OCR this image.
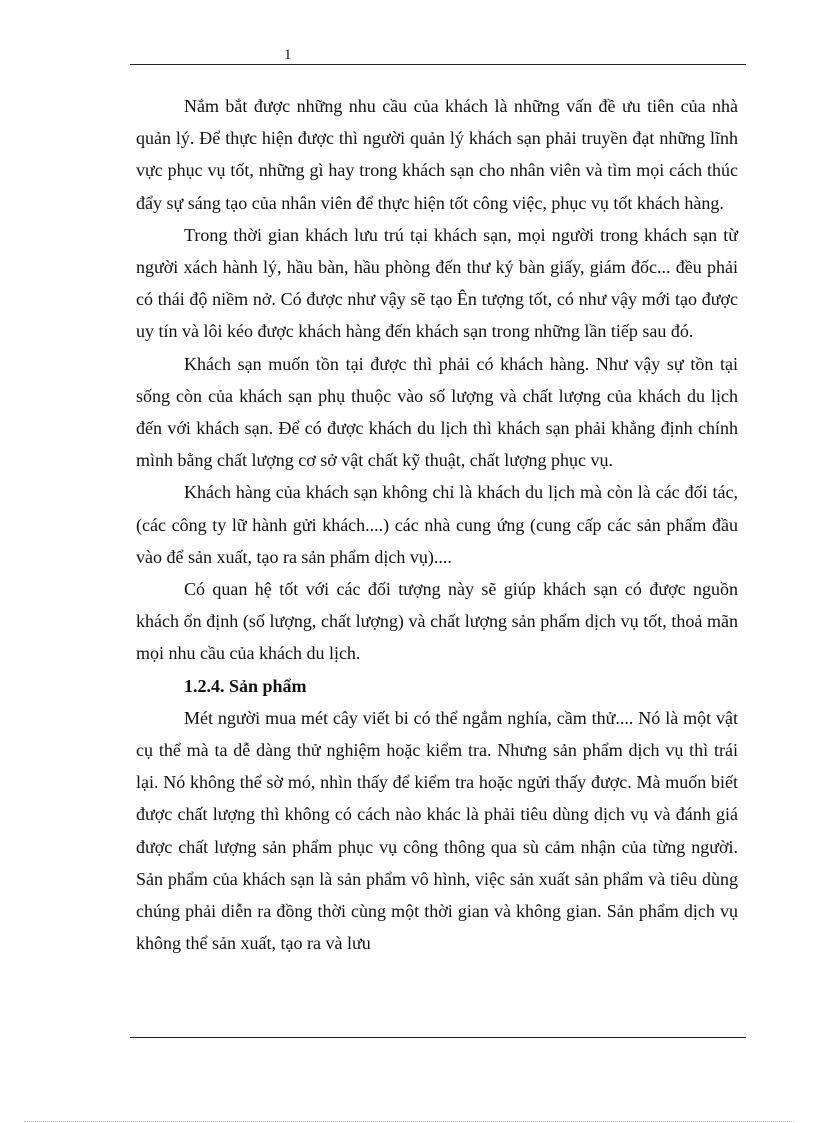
1

Nắm bắt được những nhu cầu của khách là những vấn đề ưu tiên của nhà quản lý. Để thực hiện được thì người quản lý khách sạn phải truyền đạt những lĩnh vực phục vụ tốt, những gì hay trong khách sạn cho nhân viên và tìm mọi cách thúc đẩy sự sáng tạo của nhân viên để thực hiện tốt công việc, phục vụ tốt khách hàng.

Trong thời gian khách lưu trú tại khách sạn, mọi người trong khách sạn từ người xách hành lý, hầu bàn, hầu phòng đến thư ký bàn giấy, giám đốc... đều phải có thái độ niềm nở. Có được như vậy sẽ tạo Ên tượng tốt, có như vậy mới tạo được uy tín và lôi kéo được khách hàng đến khách sạn trong những lần tiếp sau đó.

Khách sạn muốn tồn tại được thì phải có khách hàng. Như vậy sự tồn tại sống còn của khách sạn phụ thuộc vào số lượng và chất lượng của khách du lịch đến với khách sạn. Để có được khách du lịch thì khách sạn phải khẳng định chính mình bằng chất lượng cơ sở vật chất kỹ thuật, chất lượng phục vụ.

Khách hàng của khách sạn không chỉ là khách du lịch mà còn là các đối tác, (các công ty lữ hành gửi khách....) các nhà cung ứng (cung cấp các sản phẩm đầu vào để sản xuất, tạo ra sản phẩm dịch vụ)....

Có quan hệ tốt với các đối tượng này sẽ giúp khách sạn có được nguồn khách ổn định (số lượng, chất lượng) và chất lượng sản phẩm dịch vụ tốt, thoả mãn mọi nhu cầu của khách du lịch.

1.2.4. Sản phẩm

Mét người mua mét cây viết bi có thể ngắm nghía, cầm thử.... Nó là một vật cụ thể mà ta dễ dàng thử nghiệm hoặc kiểm tra. Nhưng sản phẩm dịch vụ thì trái lại. Nó không thể sờ mó, nhìn thấy để kiểm tra hoặc ngửi thấy được. Mà muốn biết được chất lượng thì không có cách nào khác là phải tiêu dùng dịch vụ và đánh giá được chất lượng sản phẩm phục vụ công thông qua sù cảm nhận của từng người. Sản phẩm của khách sạn là sản phẩm vô hình, việc sản xuất sản phẩm và tiêu dùng chúng phải diễn ra đồng thời cùng một thời gian và không gian. Sản phẩm dịch vụ không thể sản xuất, tạo ra và lưu
